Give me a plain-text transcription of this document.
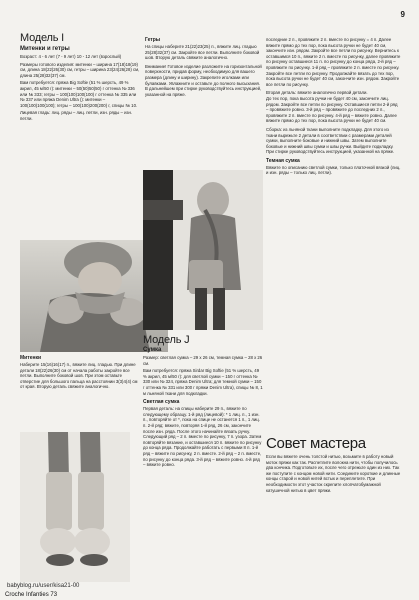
9
Модель I

Митенки и гетры

Возраст: 4 - 6 лет (7 - 9 лет) 10 - 12 лет (взрослый)

Размеры готового изделия: митенки – ширина 17(18)18(19) см, длина 18(22)26(30) см, гетры – ширина 23(24)26(28) см, длина 25(28)32(37) см.

Вам потребуется: пряжа Big Softie (51 % шерсть, 49 % акрил, 45 м/50 г): митенки – 50(50)50(50) г оттенка № 336 или № 333; гетры – 100(100)100(100) г оттенка № 335 или № 337 или пряжа Denim Ultra (): митенки – 100(100)100(100); гетры – 100(100)200(200) г, спицы № 10.

Лицевая гладь: лиц. ряды – лиц. петли, изн. ряды – изн. петли.

Гетры

На спицы наберите 21(22)23(25) п., вяжите лиц. гладью 25(28)32(37) см. Закройте все петли. Выполните боковой шов. Вторую деталь свяжите аналогично.

Внимание! Готовое изделие разложите на горизонтальной поверхности, придав форму, необходимую для вашего размера (длину и ширину). Закрепите иголками или булавками. Увлажните и оставьте до полного высыхания. В дальнейшем при стирке руководствуйтесь инструкцией, указанной на пряже.

последние 2 п., провяжите 2 п. вместе по рисунку = 4 п. Далее вяжите прямо до тех пор, пока высота ручки не будет 40 см, закончите изн. рядом. Закройте все петли по рисунку. Вернитесь к оставшимся 10 п., вяжите 2 п. вместе по рисунку, далее провяжите по рисунку оставшиеся 11 п. по рисунку до конца ряда, 2-й ряд – провяжите по рисунку. 1-й ряд – провяжите 2 п. вместе по рисунку. Закройте все петли по рисунку. Продолжайте вязать до тех пор, пока высота ручки не будет 40 см, закончите изн. рядом. Закройте все петли по рисунку.

Вторая деталь: вяжите аналогично первой детали.

До тех пор, пока высота ручки не будет 40 см, закончите лиц. рядом. Закройте все петли по рисунку. Оставшиеся петли 2-й ряд – провяжите ровно. 3-й ряд – провяжите до последних 2 п., провяжите 2 п. вместе по рисунку. 4-й ряд – вяжите ровно. Далее вяжите прямо до тех пор, пока высота ручки не будет 40 см.

Сборка: из льняной ткани выполните подкладку. Для этого из ткани вырежьте 2 детали в соответствии с размерами деталей сумки, выполните боковые и нижний швы. Затем выполните боковые и нижний швы сумки и швы ручки. Выйдите подкладку. При стирке руководствуйтесь инструкцией, указанной на пряже.

Темная сумка

Вяжите по описанию светлой сумки, только платочной вязкой (лиц. и изн. ряды – только лиц. петли).

Митенки

Наберите 15(16)16(17) п., вяжите лиц. гладью. При длине детали 18(22)26(30) см от начала работы закройте все петли. Выполните боковой шов. При этом оставьте отверстие для большого пальца на расстоянии 3(3)4(4) см от края. Вторую деталь свяжите аналогично.

Модель J

Сумка

Размер: светлая сумка – 29 x 26 см, темная сумка – 28 x 26 см.

Вам потребуется: пряжа Sirdar Big Softie (51 % шерсть, 49 % акрил, 45 м/50 г): для светлой сумки – 150 г оттенка № 330 или № 324, пряжа Denim Ultra; для темной сумки – 150 г оттенка № 331 или 300 г пряжи Denim Ultra), спицы № 8, 1 м льняной ткани для подкладки.

Светлая сумка

Первая деталь: на спицы наберите 29 п., вяжите по следующему образцу. 1-й ряд (лицевой): * 1 лиц. п., 1 изн. п., повторяйте от *, пока на спице не останется 1 п., 1 лиц. п. 2-й ряд: вяжите, повторяя 1-й ряд, 26 см, закончите после изн. ряда. После этого начинайте вязать ручку. Следующий ряд – 2 п. вместе по рисунку, 7 п. узора. Затем повторяйте вязание, и оставшиеся 10 п. вяжите по рисунку до конца ряда. Продолжайте работать с первыми 8 п. 1-й ряд – вяжите по рисунку, 2 п. вместе. 2-й ряд – 2 п. вместе, по рисунку до конца ряда. 3-й ряд – вяжите ровно. 4-й ряд – вяжите ровно.

Совет мастера

Если вы вяжете очень толстой нитью, возьмите в работу новый моток пряжи как так. Распетлите волокна нити, чтобы получилось два кончика. Подготовьте их, после чего отрежьте один из них. Так же поступите с концом новой нити. Соедините короткие и длинные концы старой и новой нитей встык и переплетите. При необходимости этот участок скрепите хлопчатобумажной катушечной нитью в цвет пряжи.

babyblog.ru/user/kisa21-00
Croche Infanties 73
